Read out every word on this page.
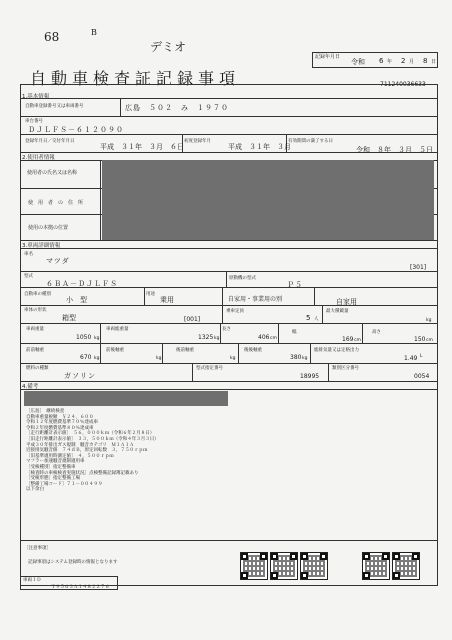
68	B
デミオ
記録年月日
令和 6 年 2 月 8 日
自動車検査証記録事項	711240036633
1.基本情報
自動車登録番号又は車両番号	広島　５０２　み　１９７０
車台番号
ＤＪＬＦＳ－６１２０９０
登録年月日／交付年月日
平成　３１年　３月　６日
初度登録年月
平成　３１年　３月
有効期間の満了する日
令和　８年　３月　５日
2.使用者情報
使用者の氏名又は名称
使　用　者　の　住　所
使用の本拠の位置
3.車両詳細情報
車名
マツダ
[301]
型式
６ＢＡ－ＤＪＬＦＳ
原動機の型式
Ｐ５
自動車の種別
小　型
用途
乗用	自家用・事業用の別	自家用
車体の形状
箱型	[001]
乗車定員
5 人
最大積載量
kg
車両重量
1050 kg
車両総重量
1325 kg
長さ
406 cm
幅
169 cm
高さ
150 cm
前前軸重
670 kg
前後軸重
kg
後前軸重
kg
後後軸重
380 kg
総排気量又は定格出力
1.49 L
燃料の種類
ガソリン
型式指定番号
18995
類別区分番号
0054
4.備考
［広島］　継続検査
自動車重量税額　￥２４，６００
令和１２年度燃費基準７０％達成車
令和２年度燃費基準８０％達成車
［走行距離計表示値］　５６，０００ｋｍ（令和６年２月８日）
［旧走行距離計表示値］　３３，５００ｋｍ（令和４年３月３日）
平成３０年排出ガス規制　騒音カテゴリ　Ｍ１Ａ１Ａ
近接排気騒音値　７４ｄＢ，原定回転数　３，７５０ｒｐｍ
［旧基準適用時測定値］　４，５００ｒｐｍ
マフラー加速騒音規制適用車
［受検種別］指定整備車
［検査時の車検検査実施状況］点検整備記録簿記載あり
［受検形態］指定整備工場
［整備工場コード］７１－００４９９
以下余白
［注意事項］
記録事項はシステム登録時の情報となります
車両ＩＤ
Ｔ９５６３Ａ１４８２２７６
